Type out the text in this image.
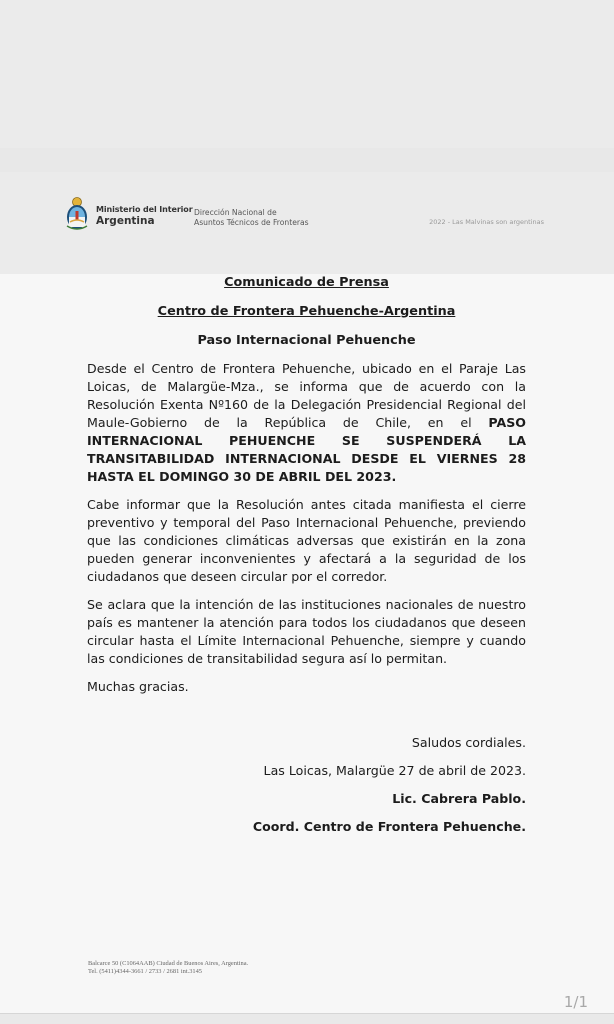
Ministerio del Interior
Argentina
Dirección Nacional de
Asuntos Técnicos de Fronteras	2022 - Las Malvinas son argentinas
Comunicado de Prensa
Centro de Frontera Pehuenche-Argentina
Paso Internacional Pehuenche

Desde el Centro de Frontera Pehuenche, ubicado en el Paraje Las Loicas, de Malargüe-Mza., se informa que de acuerdo con la Resolución Exenta Nº160 de la Delegación Presidencial Regional del Maule-Gobierno de la República de Chile, en el PASO INTERNACIONAL PEHUENCHE SE SUSPENDERÁ LA TRANSITABILIDAD INTERNACIONAL DESDE EL VIERNES 28 HASTA EL DOMINGO 30 DE ABRIL DEL 2023.

Cabe informar que la Resolución antes citada manifiesta el cierre preventivo y temporal del Paso Internacional Pehuenche, previendo que las condiciones climáticas adversas que existirán en la zona pueden generar inconvenientes y afectará a la seguridad de los ciudadanos que deseen circular por el corredor.

Se aclara que la intención de las instituciones nacionales de nuestro país es mantener la atención para todos los ciudadanos que deseen circular hasta el Límite Internacional Pehuenche, siempre y cuando las condiciones de transitabilidad segura así lo permitan.

Muchas gracias.

Saludos cordiales.
Las Loicas, Malargüe 27 de abril de 2023.
Lic. Cabrera Pablo.
Coord. Centro de Frontera Pehuenche.
Balcarce 50 (C1064AAB) Ciudad de Buenos Aires, Argentina.
Tel. (5411)4344-3661 / 2733 / 2681 int.3145
1/1
